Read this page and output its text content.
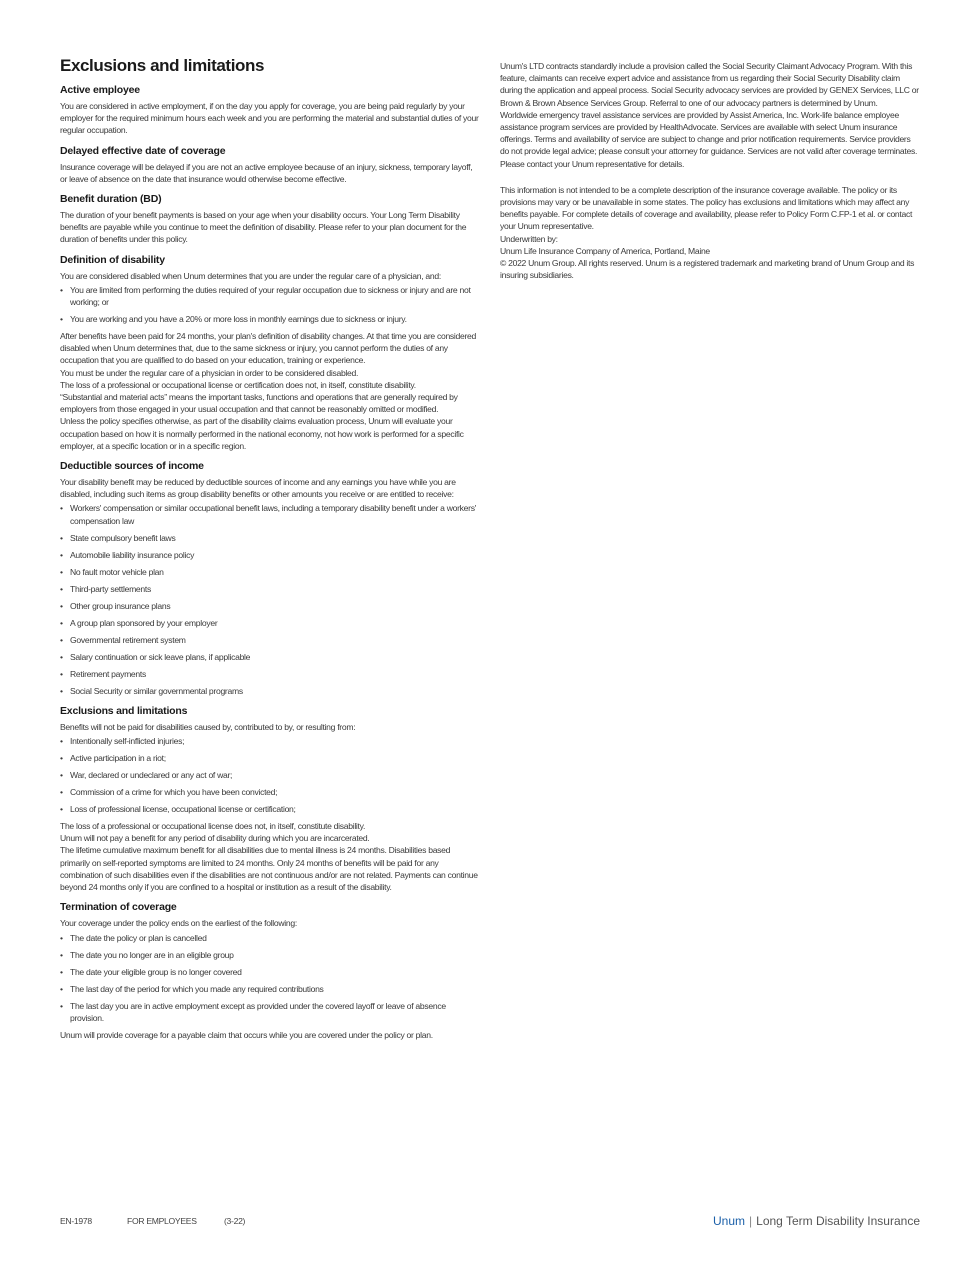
Exclusions and limitations
Active employee

You are considered in active employment, if on the day you apply for coverage, you are being paid regularly by your employer for the required minimum hours each week and you are performing the material and substantial duties of your regular occupation.

Delayed effective date of coverage

Insurance coverage will be delayed if you are not an active employee because of an injury, sickness, temporary layoff, or leave of absence on the date that insurance would otherwise become effective.

Benefit duration (BD)

The duration of your benefit payments is based on your age when your disability occurs. Your Long Term Disability benefits are payable while you continue to meet the definition of disability. Please refer to your plan document for the duration of benefits under this policy.

Definition of disability

You are considered disabled when Unum determines that you are under the regular care of a physician, and:

• You are limited from performing the duties required of your regular occupation due to sickness or injury and are not working; or
• You are working and you have a 20% or more loss in monthly earnings due to sickness or injury.

After benefits have been paid for 24 months, your plan's definition of disability changes. At that time you are considered disabled when Unum determines that, due to the same sickness or injury, you cannot perform the duties of any occupation that you are qualified to do based on your education, training or experience.

You must be under the regular care of a physician in order to be considered disabled.

The loss of a professional or occupational license or certification does not, in itself, constitute disability.

“Substantial and material acts” means the important tasks, functions and operations that are generally required by employers from those engaged in your usual occupation and that cannot be reasonably omitted or modified.

Unless the policy specifies otherwise, as part of the disability claims evaluation process, Unum will evaluate your occupation based on how it is normally performed in the national economy, not how work is performed for a specific employer, at a specific location or in a specific region.

Deductible sources of income

Your disability benefit may be reduced by deductible sources of income and any earnings you have while you are disabled, including such items as group disability benefits or other amounts you receive or are entitled to receive:

• Workers' compensation or similar occupational benefit laws, including a temporary disability benefit under a workers' compensation law
• State compulsory benefit laws
• Automobile liability insurance policy
• No fault motor vehicle plan
• Third-party settlements
• Other group insurance plans
• A group plan sponsored by your employer
• Governmental retirement system
• Salary continuation or sick leave plans, if applicable
• Retirement payments
• Social Security or similar governmental programs
Exclusions and limitations

Benefits will not be paid for disabilities caused by, contributed to by, or resulting from:

• Intentionally self-inflicted injuries;
• Active participation in a riot;
• War, declared or undeclared or any act of war;
• Commission of a crime for which you have been convicted;
• Loss of professional license, occupational license or certification;

The loss of a professional or occupational license does not, in itself, constitute disability.

Unum will not pay a benefit for any period of disability during which you are incarcerated.

The lifetime cumulative maximum benefit for all disabilities due to mental illness is 24 months. Disabilities based primarily on self-reported symptoms are limited to 24 months. Only 24 months of benefits will be paid for any combination of such disabilities even if the disabilities are not continuous and/or are not related. Payments can continue beyond 24 months only if you are confined to a hospital or institution as a result of the disability.

Termination of coverage

Your coverage under the policy ends on the earliest of the following:

• The date the policy or plan is cancelled
• The date you no longer are in an eligible group
• The date your eligible group is no longer covered
• The last day of the period for which you made any required contributions
• The last day you are in active employment except as provided under the covered layoff or leave of absence provision.

Unum will provide coverage for a payable claim that occurs while you are covered under the policy or plan.

Unum's LTD contracts standardly include a provision called the Social Security Claimant Advocacy Program. With this feature, claimants can receive expert advice and assistance from us regarding their Social Security Disability claim during the application and appeal process. Social Security advocacy services are provided by GENEX Services, LLC or Brown & Brown Absence Services Group. Referral to one of our advocacy partners is determined by Unum.

Worldwide emergency travel assistance services are provided by Assist America, Inc. Work-life balance employee assistance program services are provided by HealthAdvocate. Services are available with select Unum insurance offerings. Terms and availability of service are subject to change and prior notification requirements. Service providers do not provide legal advice; please consult your attorney for guidance. Services are not valid after coverage terminates. Please contact your Unum representative for details.

This information is not intended to be a complete description of the insurance coverage available. The policy or its provisions may vary or be unavailable in some states. The policy has exclusions and limitations which may affect any benefits payable. For complete details of coverage and availability, please refer to Policy Form C.FP-1 et al. or contact your Unum representative.

Underwritten by:

Unum Life Insurance Company of America, Portland, Maine

© 2022 Unum Group. All rights reserved. Unum is a registered trademark and marketing brand of Unum Group and its insuring subsidiaries.

EN-1978	FOR EMPLOYEES	(3-22)	Unum | Long Term Disability Insurance
